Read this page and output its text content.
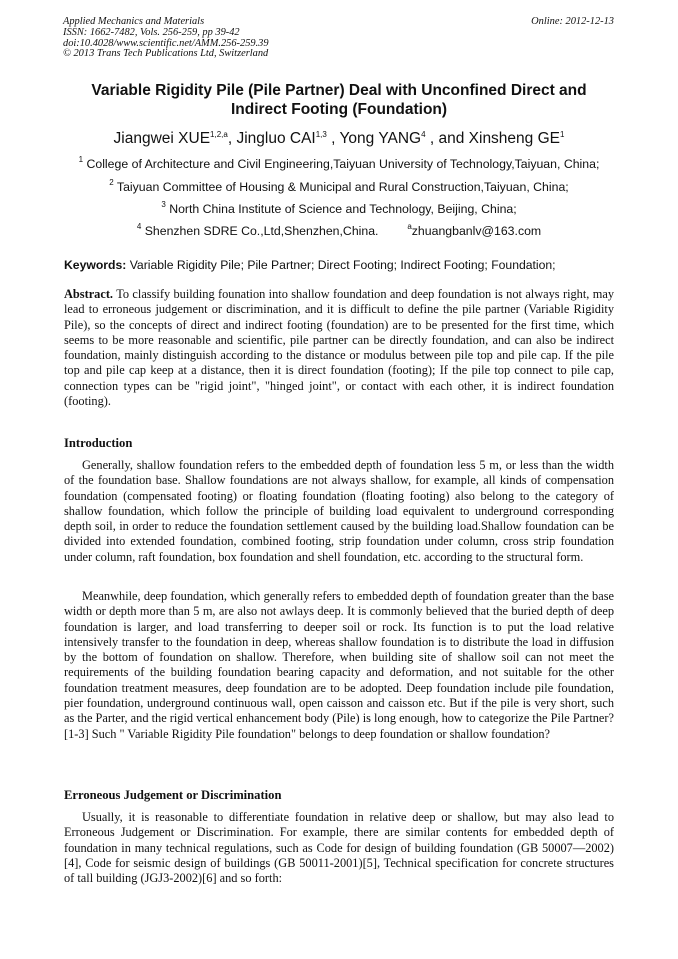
Applied Mechanics and Materials
ISSN: 1662-7482, Vols. 256-259, pp 39-42
doi:10.4028/www.scientific.net/AMM.256-259.39
© 2013 Trans Tech Publications Ltd, Switzerland
Online: 2012-12-13
Variable Rigidity Pile (Pile Partner) Deal with Unconfined Direct and Indirect Footing (Foundation)
Jiangwei XUE$^{1,2,a}$, Jingluo CAI$^{1,3}$ , Yong YANG$^4$ , and Xinsheng $GE^1$
$^1$ College of Architecture and Civil Engineering,Taiyuan University of Technology,Taiyuan, China;
$^2$ Taiyuan Committee of Housing & Municipal and Rural Construction,Taiyuan, China;
$^3$ North China Institute of Science and Technology, Beijing, China;
$^4$ Shenzhen SDRE Co.,Ltd,Shenzhen,China.	$^a$zhuangbanlv@163.com
Keywords: Variable Rigidity Pile; Pile Partner; Direct Footing; Indirect Footing; Foundation;
Abstract. To classify building founation into shallow foundation and deep foundation is not always right, may lead to erroneous judgement or discrimination, and it is difficult to define the pile partner (Variable Rigidity Pile), so the concepts of direct and indirect footing (foundation) are to be presented for the first time, which seems to be more reasonable and scientific, pile partner can be directly foundation, and can also be indirect foundation, mainly distinguish according to the distance or modulus between pile top and pile cap. If the pile top and pile cap keep at a distance, then it is direct foundation (footing); If the pile top connect to pile cap, connection types can be "rigid joint", "hinged joint", or contact with each other, it is indirect foundation (footing).
Introduction
Generally, shallow foundation refers to the embedded depth of foundation less 5 m, or less than the width of the foundation base. Shallow foundations are not always shallow, for example, all kinds of compensation foundation (compensated footing) or floating foundation (floating footing) also belong to the category of shallow foundation, which follow the principle of building load equivalent to underground corresponding depth soil, in order to reduce the foundation settlement caused by the building load.Shallow foundation can be divided into extended foundation, combined footing, strip foundation under column, cross strip foundation under column, raft foundation, box foundation and shell foundation, etc. according to the structural form.
Meanwhile, deep foundation, which generally refers to embedded depth of foundation greater than the base width or depth more than 5 m, are also not awlays deep. It is commonly believed that the buried depth of deep foundation is larger, and load transferring to deeper soil or rock. Its function is to put the load relative intensively transfer to the foundation in deep, whereas shallow foundation is to distribute the load in diffusion by the bottom of foundation on shallow. Therefore, when building site of shallow soil can not meet the requirements of the building foundation bearing capacity and deformation, and not suitable for the other foundation treatment measures, deep foundation are to be adopted. Deep foundation include pile foundation, pier foundation, underground continuous wall, open caisson and caisson etc. But if the pile is very short, such as the Parter, and the rigid vertical enhancement body (Pile) is long enough, how to categorize the Pile Partner? [1-3] Such " Variable Rigidity Pile foundation" belongs to deep foundation or shallow foundation?
Erroneous Judgement or Discrimination
Usually, it is reasonable to differentiate foundation in relative deep or shallow, but may also lead to Erroneous Judgement or Discrimination. For example, there are similar contents for embedded depth of foundation in many technical regulations, such as Code for design of building foundation (GB 50007—2002)[4], Code for seismic design of buildings (GB 50011-2001)[5], Technical specification for concrete structures of tall building (JGJ3-2002)[6] and so forth:
